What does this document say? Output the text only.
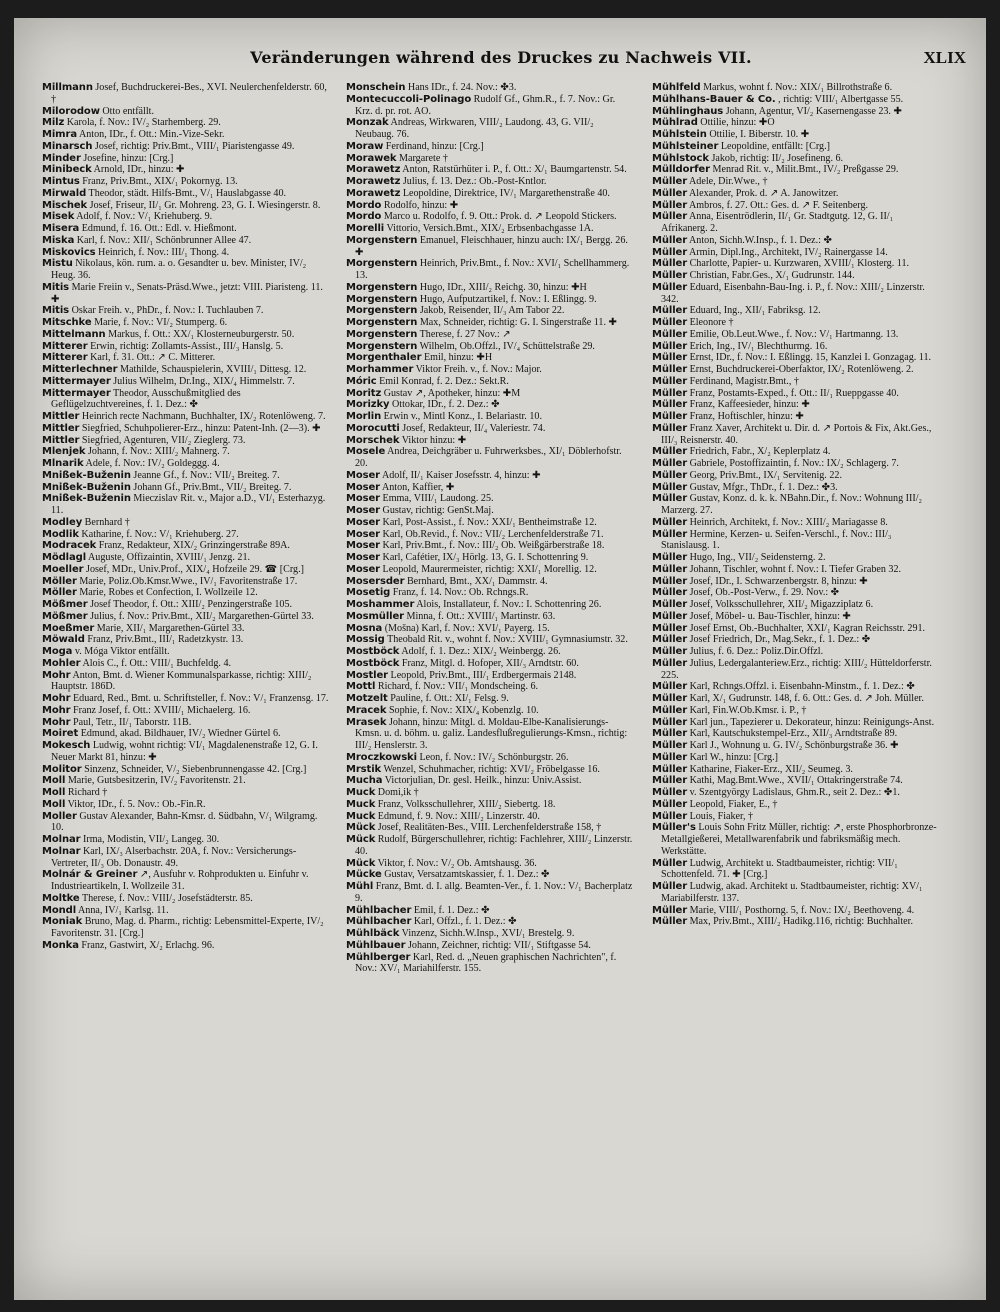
Veränderungen während des Druckes zu Nachweis VII.	XLIX

Millmann Josef, Buchdruckerei-Bes., XVI. Neulerchenfelderstr. 60, †

Milorodow Otto entfällt.

Milz Karola, f. Nov.: IV/₂ Starhemberg. 29.

Mimra Anton, IDr., f. Ott.: Min.-Vize-Sekr.

Minarsch Josef, richtig: Priv.Bmt., VIII/₁ Piaristengasse 49.

Minder Josefine, hinzu: [Crg.]

Minibeck Arnold, IDr., hinzu: ✚

Mintus Franz, Priv.Bmt., XIX/₁ Pokornyg. 13.

Mirwald Theodor, städt. Hilfs-Bmt., V/₁ Hauslabgasse 40.

Mischek Josef, Friseur, II/₁ Gr. Mohreng. 23, G. I. Wiesingerstr. 8.

Misek Adolf, f. Nov.: V/₁ Kriehuberg. 9.

Misera Edmund, f. 16. Ott.: Edl. v. Hießmont.

Miska Karl, f. Nov.: XII/₁ Schönbrunner Allee 47.

Miskovics Heinrich, f. Nov.: III/₁ Thong. 4.

Mistu Nikolaus, kön. rum. a. o. Gesandter u. bev. Minister, IV/₂ Heug. 36.

Mitis Marie Freiin v., Senats-Präsd.Wwe., jetzt: VIII. Piaristeng. 11. ✚

Mitis Oskar Freih. v., PhDr., f. Nov.: I. Tuchlauben 7.

Mitschke Marie, f. Nov.: VI/₂ Stumperg. 6.

Mittelmann Markus, f. Ott.: XX/₁ Klosterneuburgerstr. 50.

Mitterer Erwin, richtig: Zollamts-Assist., III/₃ Hanslg. 5.

Mitterer Karl, f. 31. Ott.: ↗ C. Mitterer.

Mitterlechner Mathilde, Schauspielerin, XVIII/₁ Dittesg. 12.

Mittermayer Julius Wilhelm, Dr.Ing., XIX/₄ Himmelstr. 7.

Mittermayer Theodor, Ausschußmitglied des Geflügelzuchtvereines, f. 1. Dez.: ✤

Mittler Heinrich recte Nachmann, Buchhalter, IX/₂ Rotenlöweng. 7.

Mittler Siegfried, Schuhpolierer-Erz., hinzu: Patent-Inh. (2—3). ✚

Mittler Siegfried, Agenturen, VII/₂ Zieglerg. 73.

Mlenjek Johann, f. Nov.: XIII/₂ Mahnerg. 7.

Mlnarik Adele, f. Nov.: IV/₂ Goldeggg. 4.

Mnißek-Buženin Jeanne Gf., f. Nov.: VII/₂ Breiteg. 7.

Mnißek-Buženin Johann Gf., Priv.Bmt., VII/₂ Breiteg. 7.

Mnißek-Buženin Mieczislav Rit. v., Major a.D., VI/₁ Esterhazyg. 11.

Modley Bernhard †

Modlik Katharine, f. Nov.: V/₁ Kriehuberg. 27.

Modracek Franz, Redakteur, XIX/₂ Grinzingerstraße 89A.

Mödlagl Auguste, Offizaintin, XVIII/₁ Jenzg. 21.

Moeller Josef, MDr., Univ.Prof., XIX/₄ Hofzeile 29. ☎ [Crg.]

Möller Marie, Poliz.Ob.Kmsr.Wwe., IV/₁ Favoritenstraße 17.

Möller Marie, Robes et Confection, I. Wollzeile 12.

Mößmer Josef Theodor, f. Ott.: XIII/₂ Penzingerstraße 105.

Mößmer Julius, f. Nov.: Priv.Bmt., XII/₂ Margarethen-Gürtel 33.

Moeßmer Marie, XII/₁ Margarethen-Gürtel 33.

Möwald Franz, Priv.Bmt., III/₁ Radetzkystr. 13.

Moga v. Móga Viktor entfällt.

Mohler Alois C., f. Ott.: VIII/₁ Buchfeldg. 4.

Mohr Anton, Bmt. d. Wiener Kommunalsparkasse, richtig: XIII/₂ Hauptstr. 186D.

Mohr Eduard, Red., Bmt. u. Schriftsteller, f. Nov.: V/₁ Franzensg. 17.

Mohr Franz Josef, f. Ott.: XVIII/₁ Michaelerg. 16.

Mohr Paul, Tetr., II/₁ Taborstr. 11B.

Moiret Edmund, akad. Bildhauer, IV/₂ Wiedner Gürtel 6.

Mokesch Ludwig, wohnt richtig: VI/₁ Magdalenenstraße 12, G. I. Neuer Markt 81, hinzu: ✚

Molitor Sinzenz, Schneider, V/₂ Siebenbrunnengasse 42. [Crg.]

Moll Marie, Gutsbesitzerin, IV/₂ Favoritenstr. 21.

Moll Richard †

Moll Viktor, IDr., f. 5. Nov.: Ob.-Fin.R.

Moller Gustav Alexander, Bahn-Kmsr. d. Südbahn, V/₁ Wilgramg. 10.

Molnar Irma, Modistin, VII/₂ Langeg. 30.

Molnar Karl, IX/₃ Alserbachstr. 20A, f. Nov.: Versicherungs-Vertreter, II/₃ Ob. Donaustr. 49.

Molnár & Greiner ↗, Ausfuhr v. Rohprodukten u. Einfuhr v. Industrieartikeln, I. Wollzeile 31.

Moltke Therese, f. Nov.: VIII/₂ Josefstädterstr. 85.

Mondl Anna, IV/₁ Karlsg. 11.

Moniak Bruno, Mag. d. Pharm., richtig: Lebensmittel-Experte, IV/₂ Favoritenstr. 31. [Crg.]

Monka Franz, Gastwirt, X/₂ Erlachg. 96.

Monschein Hans IDr., f. 24. Nov.: ✤3.

Montecuccoli-Polinago Rudolf Gf., Ghm.R., f. 7. Nov.: Gr. Krz. d. pr. rot. AO.

Monzak Andreas, Wirkwaren, VIII/₂ Laudong. 43, G. VII/₂ Neubaug. 76.

Moraw Ferdinand, hinzu: [Crg.]

Morawek Margarete †

Morawetz Anton, Ratstürhüter i. P., f. Ott.: X/₁ Baumgartenstr. 54.

Morawetz Julius, f. 13. Dez.: Ob.-Post-Kntlor.

Morawetz Leopoldine, Direktrice, IV/₁ Margarethenstraße 40.

Mordo Rodolfo, hinzu: ✚

Mordo Marco u. Rodolfo, f. 9. Ott.: Prok. d. ↗ Leopold Stickers.

Morelli Vittorio, Versich.Bmt., XIX/₂ Erbsenbachgasse 1A.

Morgenstern Emanuel, Fleischhauer, hinzu auch: IX/₁ Bergg. 26. ✚

Morgenstern Heinrich, Priv.Bmt., f. Nov.: XVI/₁ Schellhammerg. 13.

Morgenstern Hugo, IDr., XIII/₂ Reichg. 30, hinzu: ✚H

Morgenstern Hugo, Aufputzartikel, f. Nov.: I. Eßlingg. 9.

Morgenstern Jakob, Reisender, II/₃ Am Tabor 22.

Morgenstern Max, Schneider, richtig: G. I. Singerstraße 11. ✚

Morgenstern Therese, f. 27 Nov.: ↗

Morgenstern Wilhelm, Ob.Offzl., IV/₄ Schüttelstraße 29.

Morgenthaler Emil, hinzu: ✚H

Morhammer Viktor Freih. v., f. Nov.: Major.

Móric Emil Konrad, f. 2. Dez.: Sekt.R.

Moritz Gustav ↗, Apotheker, hinzu: ✚M

Morizky Ottokar, IDr., f. 2. Dez.: ✤

Morlin Erwin v., Mintl Konz., I. Belariastr. 10.

Morocutti Josef, Redakteur, II/₄ Valeriestr. 74.

Morschek Viktor hinzu: ✚

Mosele Andrea, Deichgräber u. Fuhrwerksbes., XI/₁ Döblerhofstr. 20.

Moser Adolf, II/₁ Kaiser Josefsstr. 4, hinzu: ✚

Moser Anton, Kaffier, ✚

Moser Emma, VIII/₁ Laudong. 25.

Moser Gustav, richtig: GenSt.Maj.

Moser Karl, Post-Assist., f. Nov.: XXI/₁ Bentheimstraße 12.

Moser Karl, Ob.Revid., f. Nov.: VII/₂ Lerchenfelderstraße 71.

Moser Karl, Priv.Bmt., f. Nov.: III/₂ Ob. Weißgärberstraße 18.

Moser Karl, Cafétier, IX/₃ Hörlg. 13, G. I. Schottenring 9.

Moser Leopold, Maurermeister, richtig: XXI/₁ Morellig. 12.

Mosersder Bernhard, Bmt., XX/₁ Dammstr. 4.

Mosetig Franz, f. 14. Nov.: Ob. Rchngs.R.

Moshammer Alois, Installateur, f. Nov.: I. Schottenring 26.

Mosmüller Minna, f. Ott.: XVIII/₁ Martinstr. 63.

Mosna (Mošna) Karl, f. Nov.: XVI/₁ Payerg. 15.

Mossig Theobald Rit. v., wohnt f. Nov.: XVIII/₁ Gymnasiumstr. 32.

Mostböck Adolf, f. 1. Dez.: XIX/₂ Weinbergg. 26.

Mostböck Franz, Mitgl. d. Hofoper, XII/₃ Arndtstr. 60.

Mostler Leopold, Priv.Bmt., III/₁ Erdbergermais 2148.

Mottl Richard, f. Nov.: VII/₁ Mondscheing. 6.

Motzelt Pauline, f. Ott.: XI/₁ Felsg. 9.

Mracek Sophie, f. Nov.: XIX/₄ Kobenzlg. 10.

Mrasek Johann, hinzu: Mitgl. d. Moldau-Elbe-Kanalisierungs-Kmsn. u. d. böhm. u. galiz. Landesflußregulierungs-Kmsn., richtig: III/₂ Henslerstr. 3.

Mroczkowski Leon, f. Nov.: IV/₂ Schönburgstr. 26.

Mrstik Wenzel, Schuhmacher, richtig: XVI/₂ Fröbelgasse 16.

Mucha Victorjulian, Dr. gesl. Heilk., hinzu: Univ.Assist.

Muck Domi,ik †

Muck Franz, Volksschullehrer, XIII/₂ Siebertg. 18.

Muck Edmund, f. 9. Nov.: XIII/₂ Linzerstr. 40.

Mück Josef, Realitäten-Bes., VIII. Lerchenfelderstraße 158, †

Mück Rudolf, Bürgerschullehrer, richtig: Fachlehrer, XIII/₂ Linzerstr. 40.

Mück Viktor, f. Nov.: V/₂ Ob. Amtshausg. 36.

Mücke Gustav, Versatzamtskassier, f. 1. Dez.: ✤

Mühl Franz, Bmt. d. I. allg. Beamten-Ver., f. 1. Nov.: V/₁ Bacherplatz 9.

Mühlbacher Emil, f. 1. Dez.: ✤

Mühlbacher Karl, Offzl., f. 1. Dez.: ✤

Mühlbäck Vinzenz, Sichh.W.Insp., XVI/₁ Brestelg. 9.

Mühlbauer Johann, Zeichner, richtig: VII/₁ Stiftgasse 54.

Mühlberger Karl, Red. d. „Neuen graphischen Nachrichten", f. Nov.: XV/₁ Mariahilferstr. 155.

Mühlfeld Markus, wohnt f. Nov.: XIX/₁ Billrothstraße 6.

Mühlhans-Bauer & Co. , richtig: VIII/₁ Albertgasse 55.

Mühlinghaus Johann, Agentur, VI/₂ Kasernengasse 23. ✚

Mühlrad Ottilie, hinzu: ✚O

Mühlstein Ottilie, I. Biberstr. 10. ✚

Mühlsteiner Leopoldine, entfällt: [Crg.]

Mühlstock Jakob, richtig: II/₂ Josefineng. 6.

Mülldorfer Menrad Rit. v., Milit.Bmt., IV/₂ Preßgasse 29.

Müller Adele, Dir.Wwe., †

Müller Alexander, Prok. d. ↗ A. Janowitzer.

Müller Ambros, f. 27. Ott.: Ges. d. ↗ F. Seitenberg.

Müller Anna, Eisentrödlerin, II/₁ Gr. Stadtgutg. 12, G. II/₁ Afrikanerg. 2.

Müller Anton, Sichh.W.Insp., f. 1. Dez.: ✤

Müller Armin, Dipl.Ing., Architekt, IV/₂ Rainergasse 14.

Müller Charlotte, Papier- u. Kurzwaren, XVIII/₁ Klosterg. 11.

Müller Christian, Fabr.Ges., X/₁ Gudrunstr. 144.

Müller Eduard, Eisenbahn-Bau-Ing. i. P., f. Nov.: XIII/₂ Linzerstr. 342.

Müller Eduard, Ing., XII/₁ Fabriksg. 12.

Müller Eleonore †

Müller Emilie, Ob.Leut.Wwe., f. Nov.: V/₁ Hartmanng. 13.

Müller Erich, Ing., IV/₁ Blechthurmg. 16.

Müller Ernst, IDr., f. Nov.: I. Eßlingg. 15, Kanzlei I. Gonzagag. 11.

Müller Ernst, Buchdruckerei-Oberfaktor, IX/₂ Rotenlöweng. 2.

Müller Ferdinand, Magistr.Bmt., †

Müller Franz, Postamts-Exped., f. Ott.: II/₁ Rueppgasse 40.

Müller Franz, Kaffeesieder, hinzu: ✚

Müller Franz, Hoftischler, hinzu: ✚

Müller Franz Xaver, Architekt u. Dir. d. ↗ Portois & Fix, Akt.Ges., III/₃ Reisnerstr. 40.

Müller Friedrich, Fabr., X/₂ Keplerplatz 4.

Müller Gabriele, Postoffizaintin, f. Nov.: IX/₂ Schlagerg. 7.

Müller Georg, Priv.Bmt., IX/₁ Servitenig. 22.

Müller Gustav, Mfgr., ThDr., f. 1. Dez.: ✤3.

Müller Gustav, Konz. d. k. k. NBahn.Dir., f. Nov.: Wohnung III/₂ Marzerg. 27.

Müller Heinrich, Architekt, f. Nov.: XIII/₂ Mariagasse 8.

Müller Hermine, Kerzen- u. Seifen-Verschl., f. Nov.: III/₃ Stanislausg. 1.

Müller Hugo, Ing., VII/₂ Seidensterng. 2.

Müller Johann, Tischler, wohnt f. Nov.: I. Tiefer Graben 32.

Müller Josef, IDr., I. Schwarzenbergstr. 8, hinzu: ✚

Müller Josef, Ob.-Post-Verw., f. 29. Nov.: ✤

Müller Josef, Volksschullehrer, XII/₂ Migazziplatz 6.

Müller Josef, Möbel- u. Bau-Tischler, hinzu: ✚

Müller Josef Ernst, Ob.-Buchhalter, XXI/₁ Kagran Reichsstr. 291.

Müller Josef Friedrich, Dr., Mag.Sekr., f. 1. Dez.: ✤

Müller Julius, f. 6. Dez.: Poliz.Dir.Offzl.

Müller Julius, Ledergalanteriew.Erz., richtig: XIII/₂ Hütteldorferstr. 225.

Müller Karl, Rchngs.Offzl. i. Eisenbahn-Minstm., f. 1. Dez.: ✤

Müller Karl, X/₁ Gudrunstr. 148, f. 6. Ott.: Ges. d. ↗ Joh. Müller.

Müller Karl, Fin.W.Ob.Kmsr. i. P., †

Müller Karl jun., Tapezierer u. Dekorateur, hinzu: Reinigungs-Anst.

Müller Karl, Kautschukstempel-Erz., XII/₃ Arndtstraße 89.

Müller Karl J., Wohnung u. G. IV/₂ Schönburgstraße 36. ✚

Müller Karl W., hinzu: [Crg.]

Müller Katharine, Fiaker-Erz., XII/₂ Seumeg. 3.

Müller Kathi, Mag.Bmt.Wwe., XVII/₁ Ottakringerstraße 74.

Müller v. Szentgyörgy Ladislaus, Ghm.R., seit 2. Dez.: ✤1.

Müller Leopold, Fiaker, E., †

Müller Louis, Fiaker, †

Müller's Louis Sohn Fritz Müller, richtig: ↗, erste Phosphorbronze-Metallgießerei, Metallwarenfabrik und fabriksmäßig mech. Werkstätte.

Müller Ludwig, Architekt u. Stadtbaumeister, richtig: VII/₁ Schottenfeld. 71. ✚ [Crg.]

Müller Ludwig, akad. Architekt u. Stadtbaumeister, richtig: XV/₁ Mariabilferstr. 137.

Müller Marie, VIII/₁ Posthorng. 5, f. Nov.: IX/₂ Beethoveng. 4.

Müller Max, Priv.Bmt., XIII/₂ Hadikg.116, richtig: Buchhalter.
